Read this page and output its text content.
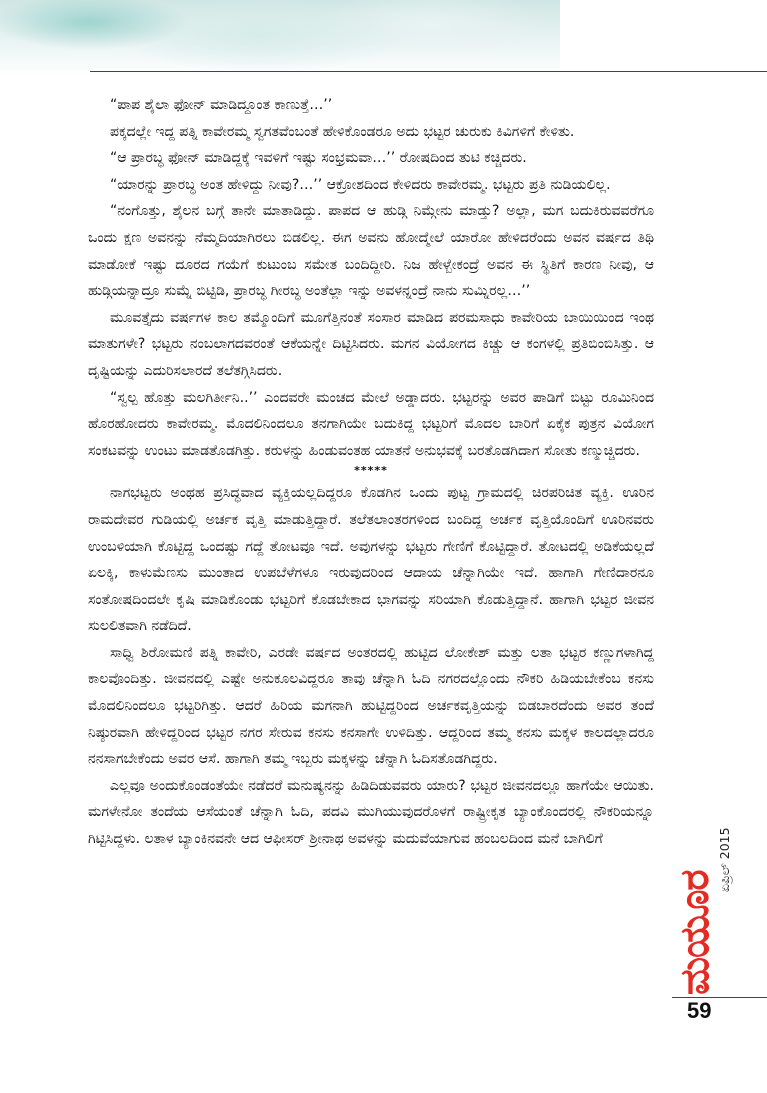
“ಪಾಪ ಶೈಲಾ ಫೋನ್ ಮಾಡಿದ್ದೂಂತ ಕಾಣುತ್ತೆ…’’

ಪಕ್ಕದಲ್ಲೇ ಇದ್ದ ಪತ್ನಿ ಕಾವೇರಮ್ಮ ಸ್ವಗತವೆಂಬಂತೆ ಹೇಳಿಕೊಂಡರೂ ಅದು ಭಟ್ಟರ ಚುರುಕು ಕಿವಿಗಳಿಗೆ ಕೇಳಿತು.

“ಆ ಪ್ರಾರಬ್ಧ ಫೋನ್ ಮಾಡಿದ್ದಕ್ಕೆ ಇವಳಿಗೆ ಇಷ್ಟು ಸಂಭ್ರಮವಾ…’’ ರೋಷದಿಂದ ತುಟಿ ಕಚ್ಚಿದರು.

“ಯಾರನ್ನು ಪ್ರಾರಬ್ಧ ಅಂತ ಹೇಳಿದ್ದು ನೀವು?…’’ ಆಕ್ರೋಶದಿಂದ ಕೇಳಿದರು ಕಾವೇರಮ್ಮ. ಭಟ್ಟರು ಪ್ರತಿ ನುಡಿಯಲಿಲ್ಲ.

“ನಂಗೊತ್ತು, ಶೈಲನ ಬಗ್ಗೆ ತಾನೇ ಮಾತಾಡಿದ್ದು. ಪಾಪದ ಆ ಹುಡ್ಗಿ ನಿಮ್ಗೇನು ಮಾಡ್ತು? ಅಲ್ಲಾ, ಮಗ ಬದುಕಿರುವವರೆಗೂ ಒಂದು ಕ್ಷಣ ಅವನನ್ನು ನೆಮ್ಮದಿಯಾಗಿರಲು ಬಿಡಲಿಲ್ಲ. ಈಗ ಅವನು ಹೋದ್ಮೇಲೆ ಯಾರೋ ಹೇಳಿದರೆಂದು ಅವನ ವರ್ಷದ ತಿಥಿ ಮಾಡೋಕೆ ಇಷ್ಟು ದೂರದ ಗಯೆಗೆ ಕುಟುಂಬ ಸಮೇತ ಬಂದಿದ್ದೀರಿ. ನಿಜ ಹೇಳ್ಬೇಕಂದ್ರೆ ಅವನ ಈ ಸ್ಥಿತಿಗೆ ಕಾರಣ ನೀವು, ಆ ಹುಡ್ಗಿಯನ್ನಾದ್ರೂ ಸುಮ್ನೆ ಬಿಟ್ಟಿಡಿ, ಪ್ರಾರಬ್ಧ ಗೀರಬ್ಧ ಅಂತೆಲ್ಲಾ ಇನ್ನು ಅವಳನ್ನಂದ್ರೆ ನಾನು ಸುಮ್ನಿರಲ್ಲ…’’

ಮೂವತ್ತೈದು ವರ್ಷಗಳ ಕಾಲ ತಮ್ಮೊಂದಿಗೆ ಮೂಗೆತ್ತಿನಂತೆ ಸಂಸಾರ ಮಾಡಿದ ಪರಮಸಾಧು ಕಾವೇರಿಯ ಬಾಯಿಯಿಂದ ಇಂಥ ಮಾತುಗಳೇ? ಭಟ್ಟರು ನಂಬಲಾಗದವರಂತೆ ಆಕೆಯನ್ನೇ ದಿಟ್ಟಿಸಿದರು. ಮಗನ ವಿಯೋಗದ ಕಿಚ್ಚು ಆ ಕಂಗಳಲ್ಲಿ ಪ್ರತಿಬಿಂಬಿಸಿತ್ತು. ಆ ದೃಷ್ಟಿಯನ್ನು ಎದುರಿಸಲಾರದೆ ತಲೆತಗ್ಗಿಸಿದರು.

“ಸ್ವಲ್ಪ ಹೊತ್ತು ಮಲಗಿರ್ತೀನಿ..’’ ಎಂದವರೇ ಮಂಚದ ಮೇಲೆ ಅಡ್ಡಾದರು. ಭಟ್ಟರನ್ನು ಅವರ ಪಾಡಿಗೆ ಬಿಟ್ಟು ರೂಮಿನಿಂದ ಹೊರಹೋದರು ಕಾವೇರಮ್ಮ. ಮೊದಲಿನಿಂದಲೂ ತನಗಾಗಿಯೇ ಬದುಕಿದ್ದ ಭಟ್ಟರಿಗೆ ಮೊದಲ ಬಾರಿಗೆ ಏಕೈಕ ಪುತ್ರನ ವಿಯೋಗ ಸಂಕಟವನ್ನು ಉಂಟು ಮಾಡತೊಡಗಿತ್ತು. ಕರುಳನ್ನು ಹಿಂಡುವಂತಹ ಯಾತನೆ ಅನುಭವಕ್ಕೆ ಬರತೊಡಗಿದಾಗ ಸೋತು ಕಣ್ಮುಚ್ಚಿದರು.

*****

ನಾಗಭಟ್ಟರು ಅಂಥಹ ಪ್ರಸಿದ್ಧವಾದ ವ್ಯಕ್ತಿಯಲ್ಲದಿದ್ದರೂ ಕೊಡಗಿನ ಒಂದು ಪುಟ್ಟ ಗ್ರಾಮದಲ್ಲಿ ಚಿರಪರಿಚಿತ ವ್ಯಕ್ತಿ. ಊರಿನ ರಾಮದೇವರ ಗುಡಿಯಲ್ಲಿ ಅರ್ಚಕ ವೃತ್ತಿ ಮಾಡುತ್ತಿದ್ದಾರೆ. ತಲೆತಲಾಂತರಗಳಿಂದ ಬಂದಿದ್ದ ಅರ್ಚಕ ವೃತ್ತಿಯೊಂದಿಗೆ ಊರಿನವರು ಉಂಬಳಿಯಾಗಿ ಕೊಟ್ಟಿದ್ದ ಒಂದಷ್ಟು ಗದ್ದೆ ತೋಟವೂ ಇದೆ. ಅವುಗಳನ್ನು ಭಟ್ಟರು ಗೇಣಿಗೆ ಕೊಟ್ಟಿದ್ದಾರೆ. ತೋಟದಲ್ಲಿ ಅಡಿಕೆಯಲ್ಲದೆ ಏಲಕ್ಕಿ, ಕಾಳುಮೆಣಸು ಮುಂತಾದ ಉಪಬೆಳೆಗಳೂ ಇರುವುದರಿಂದ ಆದಾಯ ಚೆನ್ನಾಗಿಯೇ ಇದೆ. ಹಾಗಾಗಿ ಗೇಣಿದಾರನೂ ಸಂತೋಷದಿಂದಲೇ ಕೃಷಿ ಮಾಡಿಕೊಂಡು ಭಟ್ಟರಿಗೆ ಕೊಡಬೇಕಾದ ಭಾಗವನ್ನು ಸರಿಯಾಗಿ ಕೊಡುತ್ತಿದ್ದಾನೆ. ಹಾಗಾಗಿ ಭಟ್ಟರ ಜೀವನ ಸುಲಲಿತವಾಗಿ ನಡೆದಿದೆ.

ಸಾಧ್ವಿ ಶಿರೋಮಣಿ ಪತ್ನಿ ಕಾವೇರಿ, ಎರಡೇ ವರ್ಷದ ಅಂತರದಲ್ಲಿ ಹುಟ್ಟಿದ ಲೋಕೇಶ್ ಮತ್ತು ಲತಾ ಭಟ್ಟರ ಕಣ್ಣುಗಳಾಗಿದ್ದ ಕಾಲವೊಂದಿತ್ತು. ಜೀವನದಲ್ಲಿ ಎಷ್ಟೇ ಅನುಕೂಲವಿದ್ದರೂ ತಾವು ಚೆನ್ನಾಗಿ ಓದಿ ನಗರದಲ್ಲೊಂದು ನೌಕರಿ ಹಿಡಿಯಬೇಕೆಂಬ ಕನಸು ಮೊದಲಿನಿಂದಲೂ ಭಟ್ಟರಿಗಿತ್ತು. ಆದರೆ ಹಿರಿಯ ಮಗನಾಗಿ ಹುಟ್ಟಿದ್ದರಿಂದ ಅರ್ಚಕವೃತ್ತಿಯನ್ನು ಬಿಡಬಾರದೆಂದು ಅವರ ತಂದೆ ನಿಷ್ಠುರವಾಗಿ ಹೇಳಿದ್ದರಿಂದ ಭಟ್ಟರ ನಗರ ಸೇರುವ ಕನಸು ಕನಸಾಗೇ ಉಳಿದಿತ್ತು. ಆದ್ದರಿಂದ ತಮ್ಮ ಕನಸು ಮಕ್ಕಳ ಕಾಲದಲ್ಲಾದರೂ ನನಸಾಗಬೇಕೆಂದು ಅವರ ಆಸೆ. ಹಾಗಾಗಿ ತಮ್ಮ ಇಬ್ಬರು ಮಕ್ಕಳನ್ನು ಚೆನ್ನಾಗಿ ಓದಿಸತೊಡಗಿದ್ದರು.

ಎಲ್ಲವೂ ಅಂದುಕೊಂಡಂತೆಯೇ ನಡೆದರೆ ಮನುಷ್ಯನನ್ನು ಹಿಡಿದಿಡುವವರು ಯಾರು? ಭಟ್ಟರ ಜೀವನದಲ್ಲೂ ಹಾಗೆಯೇ ಆಯಿತು. ಮಗಳೇನೋ ತಂದೆಯ ಆಸೆಯಂತೆ ಚೆನ್ನಾಗಿ ಓದಿ, ಪದವಿ ಮುಗಿಯುವುದರೊಳಗೆ ರಾಷ್ಟ್ರೀಕೃತ ಬ್ಯಾಂಕೊಂದರಲ್ಲಿ ನೌಕರಿಯನ್ನೂ ಗಿಟ್ಟಿಸಿದ್ದಳು. ಲತಾಳ ಬ್ಯಾಂಕಿನವನೇ ಆದ ಆಫೀಸರ್ ಶ್ರೀನಾಥ ಅವಳನ್ನು ಮದುವೆಯಾಗುವ ಹಂಬಲದಿಂದ ಮನೆ ಬಾಗಿಲಿಗೆ

ಮಯೂರ
ಏಪ್ರಿಲ್ 2015
59
